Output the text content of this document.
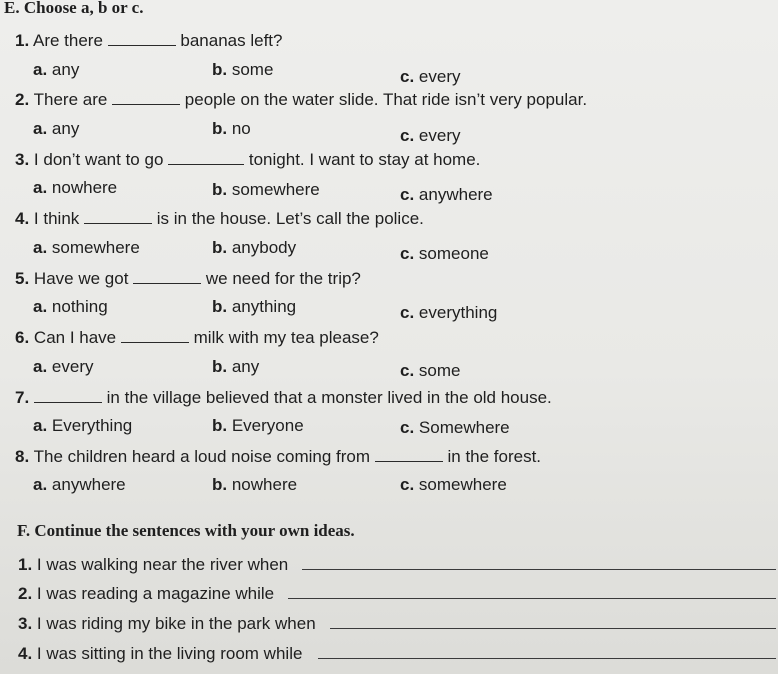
E. Choose a, b or c.
1. Are there	bananas left?
a. any	b. some	c. every
2. There are	people on the water slide. That ride isn’t very popular.
a. any	b. no	c. every
3. I don’t want to go	tonight. I want to stay at home.
a. nowhere	b. somewhere	c. anywhere
4. I think	is in the house. Let’s call the police.
a. somewhere	b. anybody	c. someone
5. Have we got	we need for the trip?
a. nothing	b. anything	c. everything
6. Can I have	milk with my tea please?
a. every	b. any	c. some
7.	in the village believed that a monster lived in the old house.
a. Everything	b. Everyone	c. Somewhere
8. The children heard a loud noise coming from	in the forest.
a. anywhere	b. nowhere	c. somewhere
F. Continue the sentences with your own ideas.
1. I was walking near the river when
2. I was reading a magazine while
3. I was riding my bike in the park when
4. I was sitting in the living room while
